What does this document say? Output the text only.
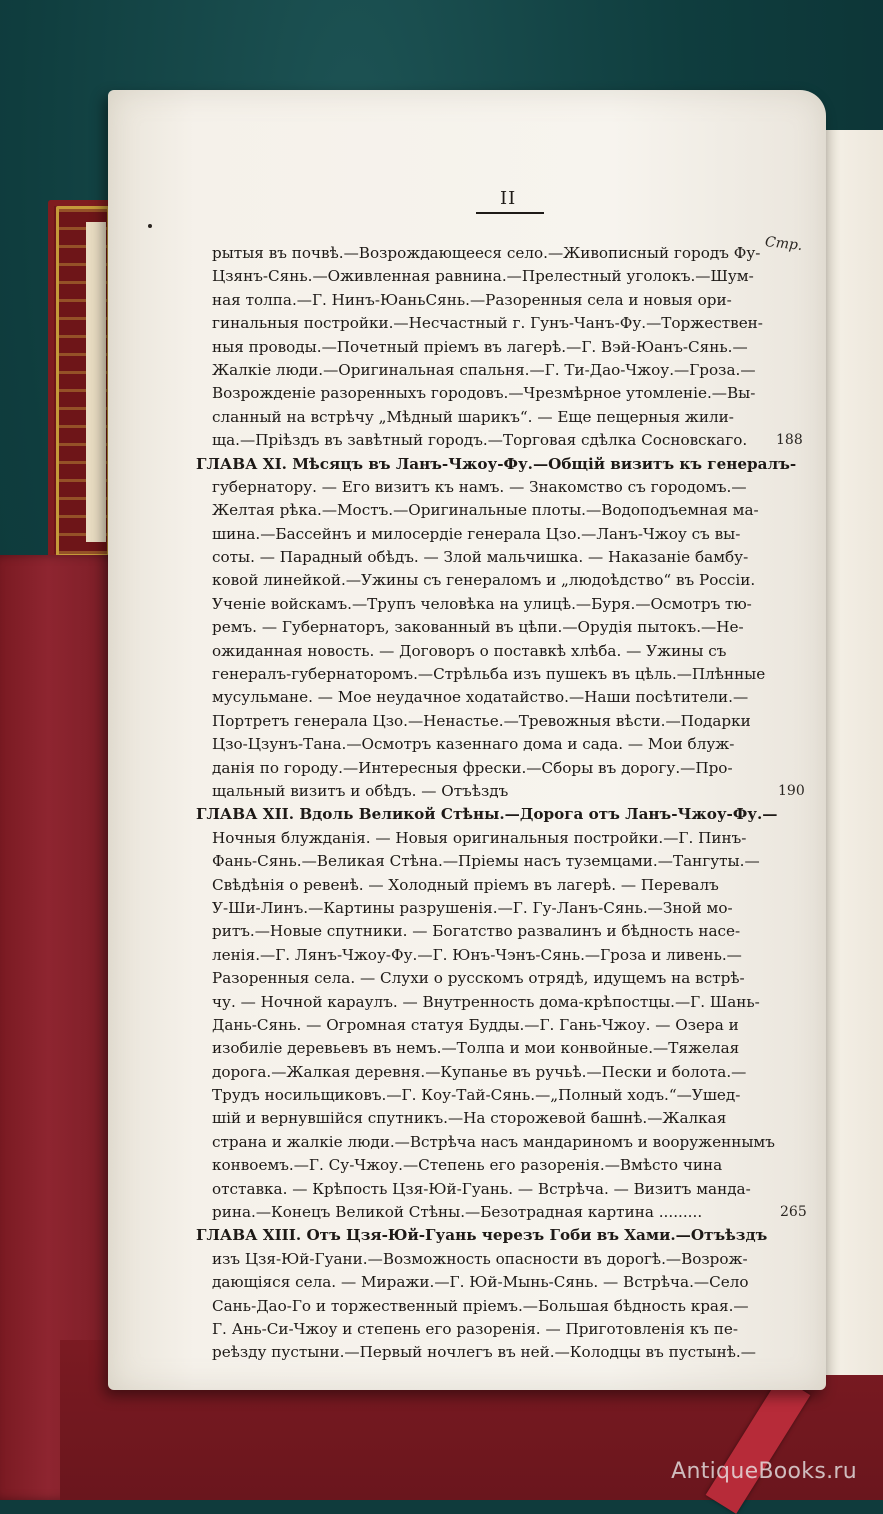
II
Стр.
рытыя въ почвѣ.—Возрождающееся село.—Живописный городъ Фу-
Цзянъ-Сянь.—Оживленная равнина.—Прелестный уголокъ.—Шум-
ная толпа.—Г. Нинъ-ЮаньСянь.—Разоренныя села и новыя ори-
гинальныя постройки.—Несчастный г. Гунъ-Чанъ-Фу.—Торжествен-
ныя проводы.—Почетный пріемъ въ лагерѣ.—Г. Вэй-Юанъ-Сянь.—
Жалкіе люди.—Оригинальная спальня.—Г. Ти-Дао-Чжоу.—Гроза.—
Возрожденіе разоренныхъ городовъ.—Чрезмѣрное утомленіе.—Вы-
сланный на встрѣчу „Мѣдный шарикъ“. — Еще пещерныя жили-
ща.—Пріѣздъ въ завѣтный городъ.—Торговая сдѣлка Сосновскаго.
ГЛАВА XI. Мѣсяцъ въ Ланъ-Чжоу-Фу.—Общій визитъ къ генералъ-
губернатору. — Его визитъ къ намъ. — Знакомство съ городомъ.—
Желтая рѣка.—Мостъ.—Оригинальные плоты.—Водоподъемная ма-
шина.—Бассейнъ и милосердіе генерала Цзо.—Ланъ-Чжоу съ вы-
соты. — Парадный обѣдъ. — Злой мальчишка. — Наказаніе бамбу-
ковой линейкой.—Ужины съ генераломъ и „людоѣдство“ въ Россіи.
Ученіе войскамъ.—Трупъ человѣка на улицѣ.—Буря.—Осмотръ тю-
ремъ. — Губернаторъ, закованный въ цѣпи.—Орудія пытокъ.—Не-
ожиданная новость. — Договоръ о поставкѣ хлѣба. — Ужины съ
генералъ-губернаторомъ.—Стрѣльба изъ пушекъ въ цѣль.—Плѣнные
мусульмане. — Мое неудачное ходатайство.—Наши посѣтители.—
Портретъ генерала Цзо.—Ненастье.—Тревожныя вѣсти.—Подарки
Цзо-Цзунъ-Тана.—Осмотръ казеннаго дома и сада. — Мои блуж-
данія по городу.—Интересныя фрески.—Сборы въ дорогу.—Про-
щальный визитъ и обѣдъ. — Отъѣздъ
ГЛАВА XII. Вдоль Великой Стѣны.—Дорога отъ Ланъ-Чжоу-Фу.—
Ночныя блужданія. — Новыя оригинальныя постройки.—Г. Пинъ-
Фань-Сянь.—Великая Стѣна.—Пріемы насъ туземцами.—Тангуты.—
Свѣдѣнія о ревенѣ. — Холодный пріемъ въ лагерѣ. — Перевалъ
У-Ши-Линъ.—Картины разрушенія.—Г. Гу-Ланъ-Сянь.—Зной мо-
ритъ.—Новые спутники. — Богатство развалинъ и бѣдность насе-
ленія.—Г. Лянъ-Чжоу-Фу.—Г. Юнъ-Чэнъ-Сянь.—Гроза и ливень.—
Разоренныя села. — Слухи о русскомъ отрядѣ, идущемъ на встрѣ-
чу. — Ночной караулъ. — Внутренность дома-крѣпостцы.—Г. Шань-
Дань-Сянь. — Огромная статуя Будды.—Г. Гань-Чжоу. — Озера и
изобиліе деревьевъ въ немъ.—Толпа и мои конвойные.—Тяжелая
дорога.—Жалкая деревня.—Купанье въ ручьѣ.—Пески и болота.—
Трудъ носильщиковъ.—Г. Коу-Тай-Сянь.—„Полный ходъ.“—Ушед-
шій и вернувшійся спутникъ.—На сторожевой башнѣ.—Жалкая
страна и жалкіе люди.—Встрѣча насъ мандариномъ и вооруженнымъ
конвоемъ.—Г. Су-Чжоу.—Степень его разоренія.—Вмѣсто чина
отставка. — Крѣпость Цзя-Юй-Гуань. — Встрѣча. — Визитъ манда-
рина.—Конецъ Великой Стѣны.—Безотрадная картина .........
ГЛАВА XIII. Отъ Цзя-Юй-Гуань черезъ Гоби въ Хами.—Отъѣздъ
изъ Цзя-Юй-Гуани.—Возможность опасности въ дорогѣ.—Возрож-
дающіяся села. — Миражи.—Г. Юй-Мынь-Сянь. — Встрѣча.—Село
Сань-Дао-Го и торжественный пріемъ.—Большая бѣдность края.—
Г. Ань-Си-Чжоу и степень его разоренія. — Приготовленія къ пе-
реѣзду пустыни.—Первый ночлегъ въ ней.—Колодцы въ пустынѣ.—
188
190
265
AntiqueBooks.ru
